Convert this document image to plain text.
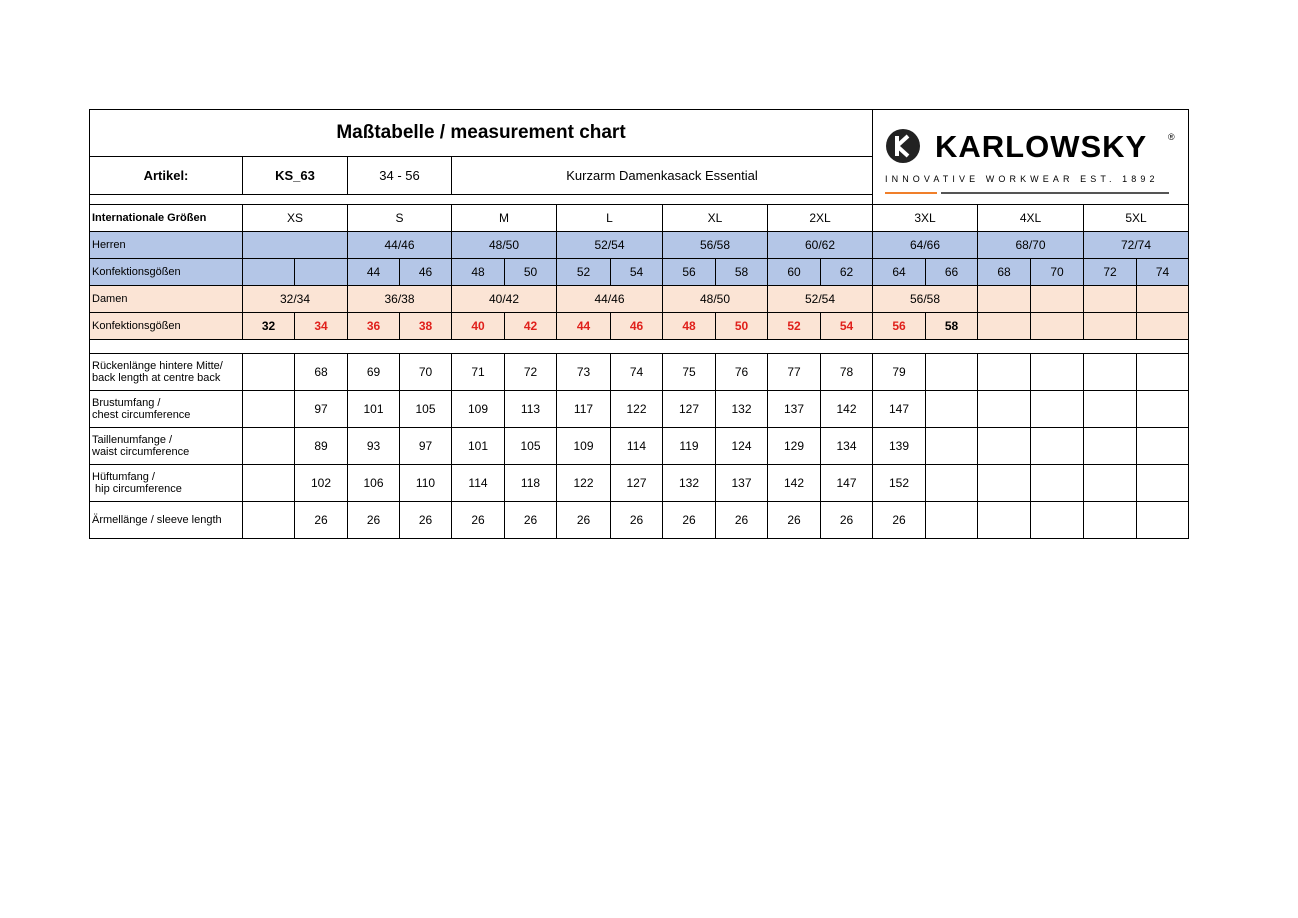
Maßtabelle / measurement chart													KARLOWSKY ®
INNOVATIVE WORKWEAR EST. 1892					

Artikel:	KS_63		34 - 56		Kurzarm Damenkasack Essential													

Internationale Größen	XS		S		M		L		XL		2XL		3XL		4XL		5XL	
Herren			44/46		48/50		52/54		56/58		60/62		64/66		68/70		72/74	
Konfektionsgößen			44	46	48	50	52	54	56	58	60	62	64	66	68	70	72	74
Damen	32/34		36/38		40/42		44/46		48/50		52/54		56/58					
Konfektionsgößen	32	34	36	38	40	42	44	46	48	50	52	54	56	58				

Rückenlänge hintere Mitte/
back length at centre back		68	69	70	71	72	73	74	75	76	77	78	79					
Brustumfang /
chest circumference		97	101	105	109	113	117	122	127	132	137	142	147					
Taillenumfange /
waist circumference		89	93	97	101	105	109	114	119	124	129	134	139					
Hüftumfang /
hip circumference		102	106	110	114	118	122	127	132	137	142	147	152					
Ärmellänge / sleeve length		26	26	26	26	26	26	26	26	26	26	26	26					
